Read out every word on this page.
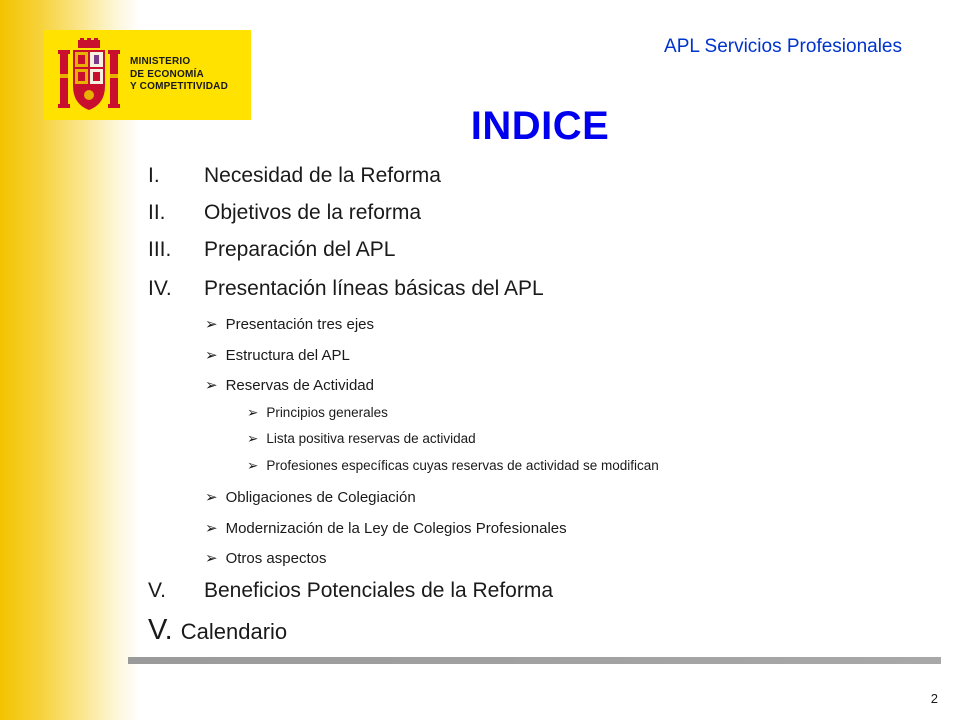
MINISTERIO
DE ECONOMÍA
Y COMPETITIVIDAD
APL Servicios Profesionales
INDICE
I. Necesidad de la Reforma
II. Objetivos de la reforma
III. Preparación del APL
IV. Presentación líneas básicas del APL
➢ Presentación tres ejes
➢ Estructura del APL
➢ Reservas de Actividad
➢ Principios generales
➢ Lista positiva reservas de actividad
➢ Profesiones específicas cuyas reservas de actividad se modifican
➢ Obligaciones de Colegiación
➢ Modernización de la Ley de Colegios Profesionales
➢ Otros aspectos
V. Beneficios Potenciales de la Reforma
V. Calendario
2
